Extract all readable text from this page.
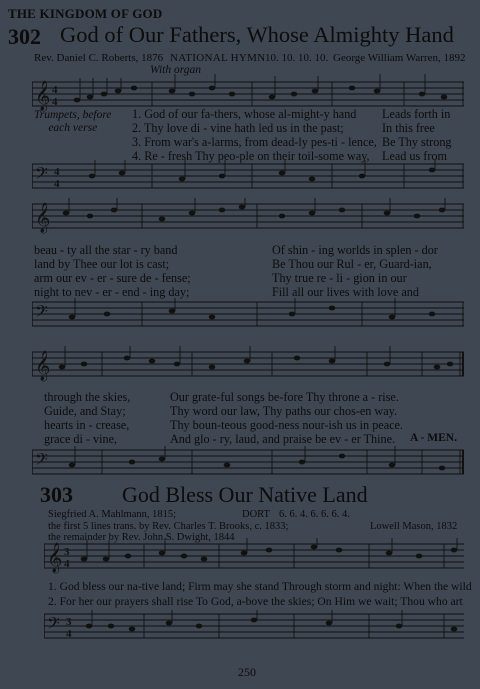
THE KINGDOM OF GOD
302 God of Our Fathers, Whose Almighty Hand
Rev. Daniel C. Roberts, 1876 NATIONAL HYMN 10. 10. 10. 10. George William Warren, 1892
With organ
𝄞 4
4
Trumpets, before
each verse
1. God of our fa-thers, whose al-might-y hand
2. Thy love di - vine hath led us in the past;
3. From war's a-larms, from dead-ly pes-ti - lence,
4. Re - fresh Thy peo-ple on their toil-some way,
Leads forth in
In this free
Be Thy strong
Lead us from
𝄢 4
4
𝄞
beau - ty all the star - ry band
land by Thee our lot is cast;
arm our ev - er - sure de - fense;
night to nev - er - end - ing day;
Of shin - ing worlds in splen - dor
Be Thou our Rul - er, Guard-ian,
Thy true re - li - gion in our
Fill all our lives with love and
𝄢
𝄞
through the skies,
Guide, and Stay;
hearts in - crease,
grace di - vine,
Our grate-ful songs be-fore Thy throne a - rise.
Thy word our law, Thy paths our chos-en way.
Thy boun-teous good-ness nour-ish us in peace.
And glo - ry, laud, and praise be ev - er Thine.	A - MEN.
𝄢
303 God Bless Our Native Land
Siegfried A. Mahlmann, 1815;	DORT 6. 6. 4. 6. 6. 6. 4.
the first 5 lines trans. by Rev. Charles T. Brooks, c. 1833;
the remainder by Rev. John S. Dwight, 1844
Lowell Mason, 1832
𝄞 3
4
1. God bless our na-tive land; Firm may she stand Through storm and night: When the wild
2. For her our prayers shall rise To God, a-bove the skies; On Him we wait; Thou who art
𝄢 3
4
250
